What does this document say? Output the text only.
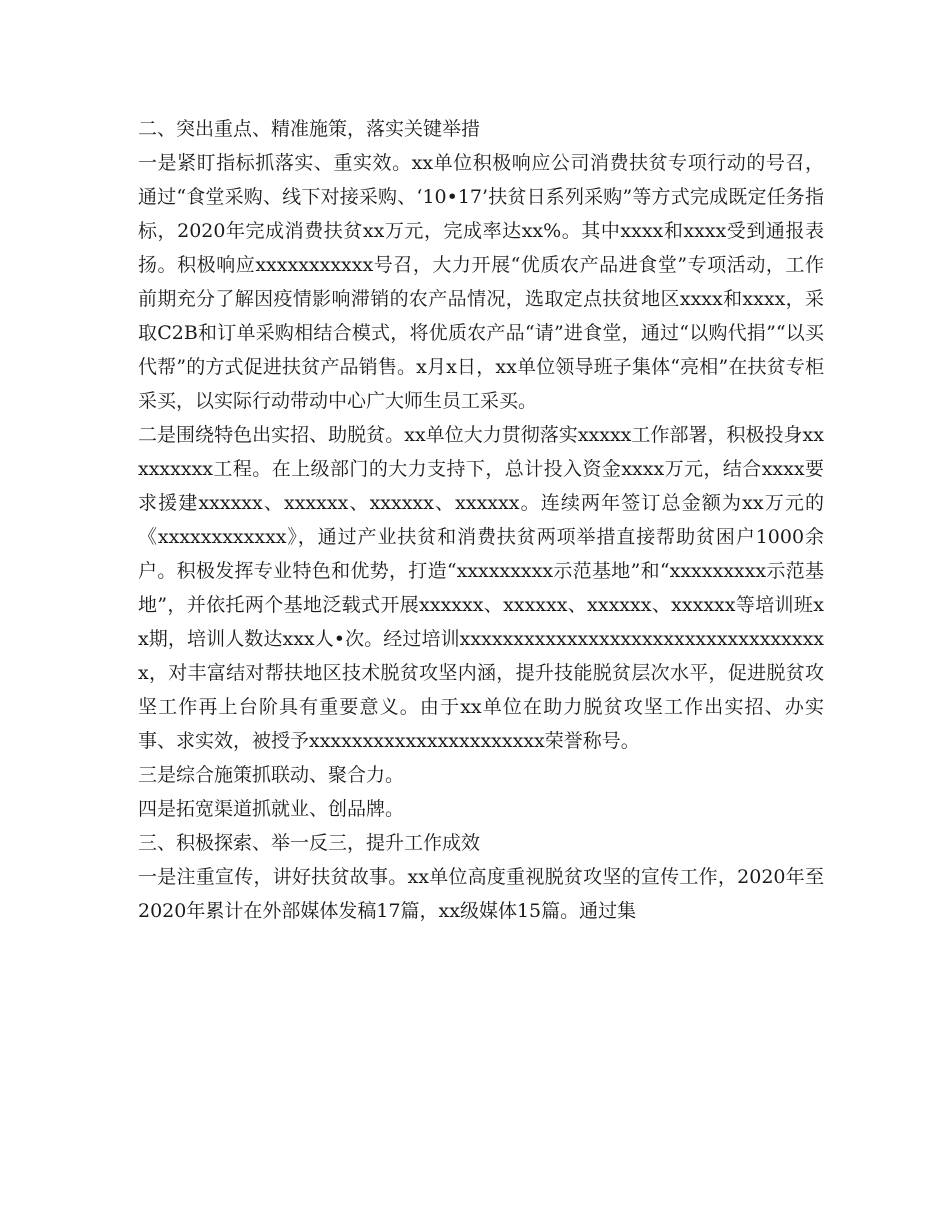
二、突出重点、精准施策，落实关键举措

一是紧盯指标抓落实、重实效。xx单位积极响应公司消费扶贫专项行动的号召，通过“食堂采购、线下对接采购、‘10•17’扶贫日系列采购”等方式完成既定任务指标，2020年完成消费扶贫xx万元，完成率达xx%。其中xxxx和xxxx受到通报表扬。积极响应xxxxxxxxxxx号召，大力开展“优质农产品进食堂”专项活动，工作前期充分了解因疫情影响滞销的农产品情况，选取定点扶贫地区xxxx和xxxx，采取C2B和订单采购相结合模式，将优质农产品“请”进食堂，通过“以购代捐”“以买代帮”的方式促进扶贫产品销售。x月x日，xx单位领导班子集体“亮相”在扶贫专柜采买，以实际行动带动中心广大师生员工采买。

二是围绕特色出实招、助脱贫。xx单位大力贯彻落实xxxxx工作部署，积极投身xxxxxxxxx工程。在上级部门的大力支持下，总计投入资金xxxx万元，结合xxxx要求援建xxxxxx、xxxxxx、xxxxxx、xxxxxx。连续两年签订总金额为xx万元的《xxxxxxxxxxxx》，通过产业扶贫和消费扶贫两项举措直接帮助贫困户1000余户。积极发挥专业特色和优势，打造“xxxxxxxxx示范基地”和“xxxxxxxxx示范基地”，并依托两个基地泛载式开展xxxxxx、xxxxxx、xxxxxx、xxxxxx等培训班xx期，培训人数达xxx人•次。经过培训xxxxxxxxxxxxxxxxxxxxxxxxxxxxxxxxxxx，对丰富结对帮扶地区技术脱贫攻坚内涵，提升技能脱贫层次水平，促进脱贫攻坚工作再上台阶具有重要意义。由于xx单位在助力脱贫攻坚工作出实招、办实事、求实效，被授予xxxxxxxxxxxxxxxxxxxxxx荣誉称号。

三是综合施策抓联动、聚合力。

四是拓宽渠道抓就业、创品牌。

三、积极探索、举一反三，提升工作成效

一是注重宣传，讲好扶贫故事。xx单位高度重视脱贫攻坚的宣传工作，2020年至2020年累计在外部媒体发稿17篇，xx级媒体15篇。通过集
